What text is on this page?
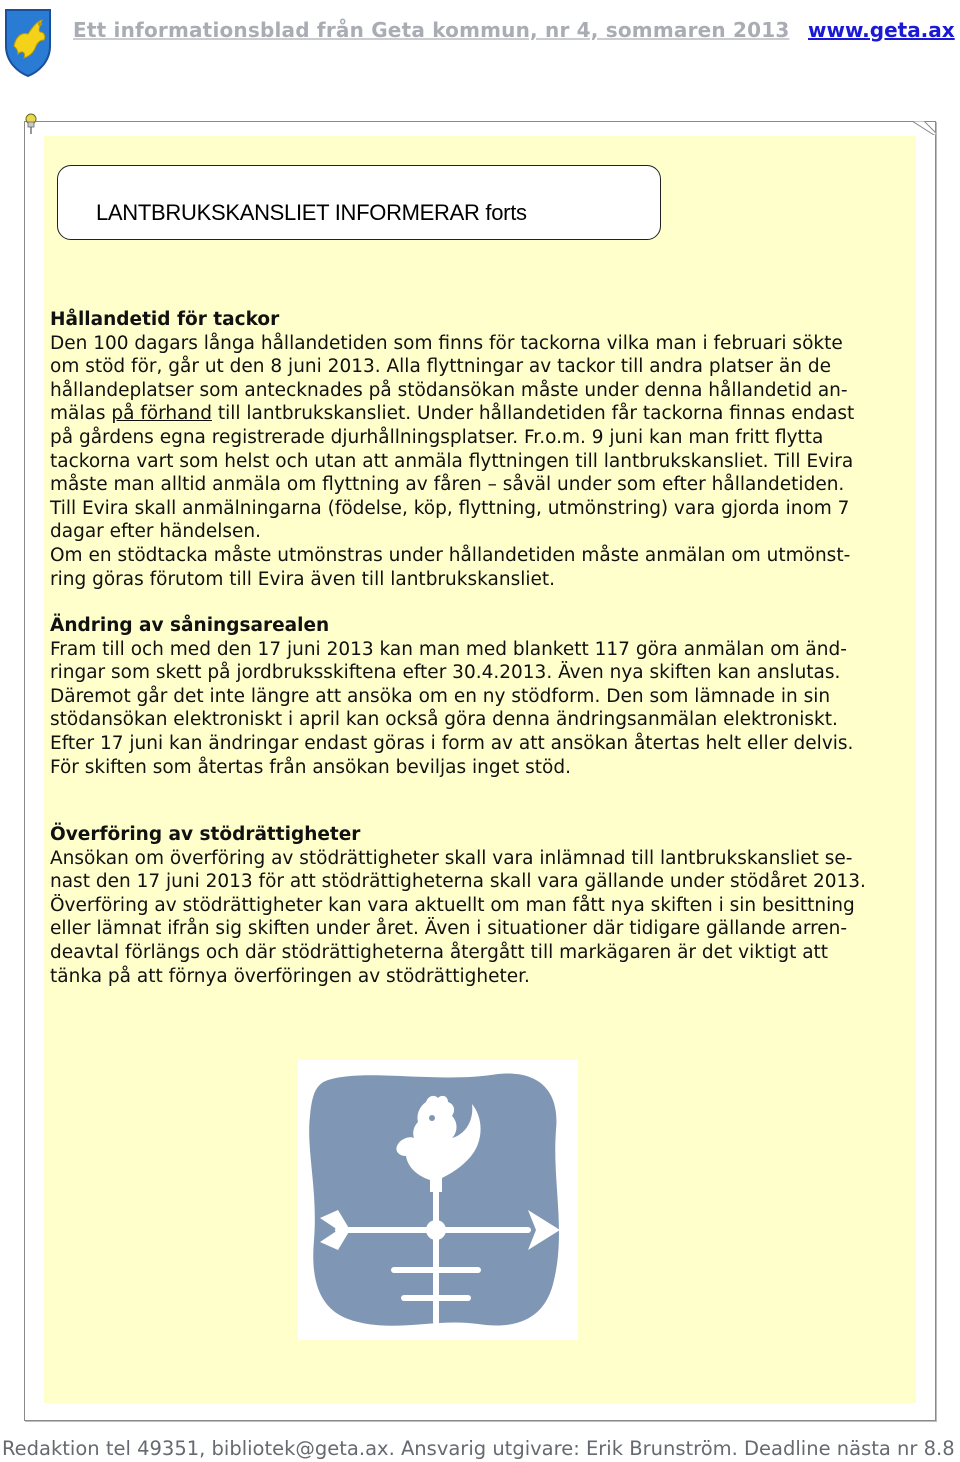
Ett informationsblad från Geta kommun, nr 4, sommaren 2013 www.geta.ax
LANTBRUKSKANSLIET INFORMERAR forts
Hållandetid för tackor

Den 100 dagars långa hållandetiden som finns för tackorna vilka man i februari sökte

om stöd för, går ut den 8 juni 2013. Alla flyttningar av tackor till andra platser än de

hållandeplatser som antecknades på stödansökan måste under denna hållandetid an-

mälas på förhand till lantbrukskansliet. Under hållandetiden får tackorna finnas endast

på gårdens egna registrerade djurhållningsplatser. Fr.o.m. 9 juni kan man fritt flytta

tackorna vart som helst och utan att anmäla flyttningen till lantbrukskansliet. Till Evira

måste man alltid anmäla om flyttning av fåren – såväl under som efter hållandetiden.

Till Evira skall anmälningarna (födelse, köp, flyttning, utmönstring) vara gjorda inom 7

dagar efter händelsen.

Om en stödtacka måste utmönstras under hållandetiden måste anmälan om utmönst-

ring göras förutom till Evira även till lantbrukskansliet.

Ändring av såningsarealen

Fram till och med den 17 juni 2013 kan man med blankett 117 göra anmälan om änd-

ringar som skett på jordbruksskiftena efter 30.4.2013. Även nya skiften kan anslutas.

Däremot går det inte längre att ansöka om en ny stödform. Den som lämnade in sin

stödansökan elektroniskt i april kan också göra denna ändringsanmälan elektroniskt.

Efter 17 juni kan ändringar endast göras i form av att ansökan återtas helt eller delvis.

För skiften som återtas från ansökan beviljas inget stöd.

Överföring av stödrättigheter

Ansökan om överföring av stödrättigheter skall vara inlämnad till lantbrukskansliet se-

nast den 17 juni 2013 för att stödrättigheterna skall vara gällande under stödåret 2013.

Överföring av stödrättigheter kan vara aktuellt om man fått nya skiften i sin besittning

eller lämnat ifrån sig skiften under året. Även i situationer där tidigare gällande arren-

deavtal förlängs och där stödrättigheterna återgått till markägaren är det viktigt att

tänka på att förnya överföringen av stödrättigheter.

Redaktion tel 49351, bibliotek@geta.ax. Ansvarig utgivare: Erik Brunström. Deadline nästa nr 8.8
